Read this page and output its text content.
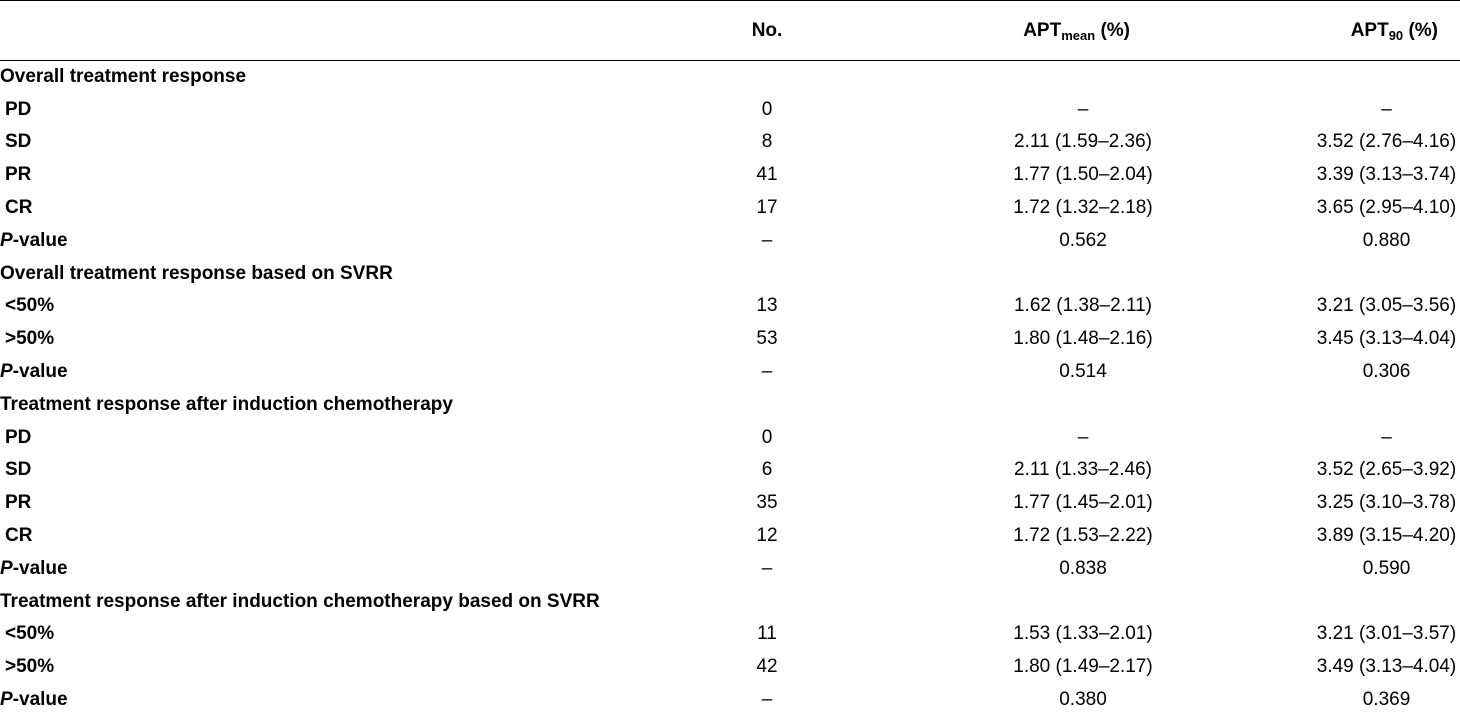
	No.	$APT_{mean}$ (%)	$APT_{90}$ (%)
Overall treatment response			
PD	0	–	–
SD	8	2.11 (1.59–2.36)	3.52 (2.76–4.16)
PR	41	1.77 (1.50–2.04)	3.39 (3.13–3.74)
CR	17	1.72 (1.32–2.18)	3.65 (2.95–4.10)
P-value	–	0.562	0.880
Overall treatment response based on SVRR			
<50%	13	1.62 (1.38–2.11)	3.21 (3.05–3.56)
>50%	53	1.80 (1.48–2.16)	3.45 (3.13–4.04)
P-value	–	0.514	0.306
Treatment response after induction chemotherapy			
PD	0	–	–
SD	6	2.11 (1.33–2.46)	3.52 (2.65–3.92)
PR	35	1.77 (1.45–2.01)	3.25 (3.10–3.78)
CR	12	1.72 (1.53–2.22)	3.89 (3.15–4.20)
P-value	–	0.838	0.590
Treatment response after induction chemotherapy based on SVRR			
<50%	11	1.53 (1.33–2.01)	3.21 (3.01–3.57)
>50%	42	1.80 (1.49–2.17)	3.49 (3.13–4.04)
P-value	–	0.380	0.369
